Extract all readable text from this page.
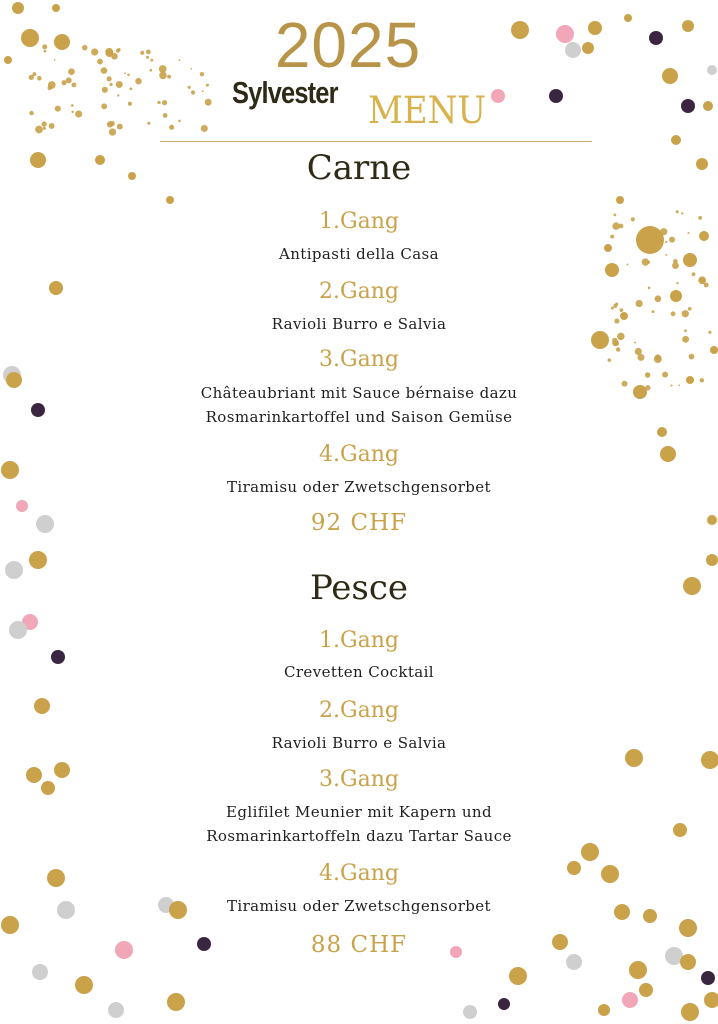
2025
Sylvester MENU
Carne
1.Gang
Antipasti della Casa
2.Gang
Ravioli Burro e Salvia
3.Gang
Châteaubriant mit Sauce bérnaise dazu
Rosmarinkartoffel und Saison Gemüse
4.Gang
Tiramisu oder Zwetschgensorbet
92 CHF
Pesce
1.Gang
Crevetten Cocktail
2.Gang
Ravioli Burro e Salvia
3.Gang
Eglifilet Meunier mit Kapern und
Rosmarinkartoffeln dazu Tartar Sauce
4.Gang
Tiramisu oder Zwetschgensorbet
88 CHF
